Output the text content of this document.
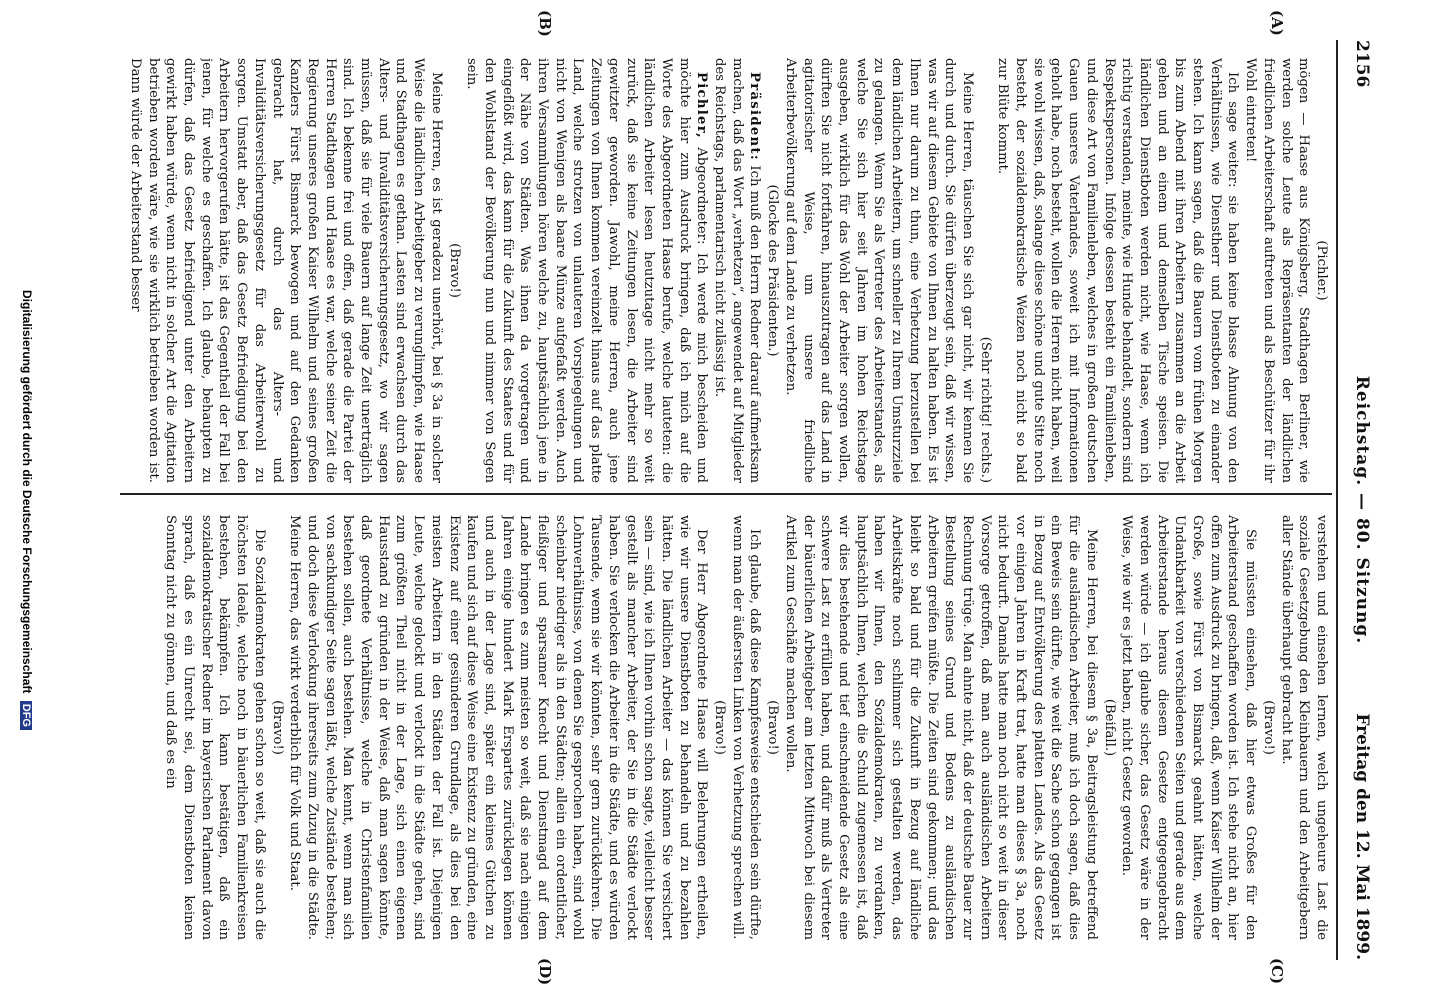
2156
Reichstag. — 80. Sitzung.
Freitag den 12. Mai 1899.
(A)
(B)
(C)
(D)

(Pichler.)

mögen — Haase aus Königsberg, Stadthagen Berliner, wie werden solche Leute als Repräsentanten der ländlichen friedlichen Arbeiterschaft auftreten und als Beschützer für ihr Wohl eintreten!

Ich sage weiter: sie haben keine blasse Ahnung von den Verhältnissen, wie Dienstherr und Dienstboten zu einander stehen. Ich kann sagen, daß die Bauern vom frühen Morgen bis zum Abend mit ihren Arbeitern zusammen an die Arbeit gehen und an einem und demselben Tische speisen. Die ländlichen Dienstboten werden nicht, wie Haase, wenn ich richtig verstanden, meinte, wie Hunde behandelt, sondern sind Respektspersonen. Infolge dessen besteht ein Familienleben, und diese Art von Familienleben, welches in großen deutschen Gauen unseres Vaterlandes, soweit ich mit Informationen geholt habe, noch besteht, wollen die Herren nicht haben, weil sie wohl wissen, daß, solange diese schöne und gute Sitte noch besteht, der sozialdemokratische Weizen noch nicht so bald zur Blüte kommt.

(Sehr richtig! rechts.)

Meine Herren, täuschen Sie sich gar nicht, wir kennen Sie durch und durch. Sie dürfen überzeugt sein, daß wir wissen, was wir auf diesem Gebiete von Ihnen zu halten haben. Es ist Ihnen nur darum zu thun, eine Verhetzung herzustellen bei dem ländlichen Arbeitern, um schneller zu Ihrem Umsturzziele zu gelangen. Wenn Sie als Vertreter des Arbeiterstandes, als welche Sie sich hier seit Jahren im hohen Reichstage ausgeben, wirklich für das Wohl der Arbeiter sorgen wollen, dürften Sie nicht fortfahren, hinauszutragen auf das Land in agitatorischer Weise, um unsere friedliche Arbeiterbevölkerung auf dem Lande zu verhetzen.

(Glocke des Präsidenten.)

Präsident: Ich muß den Herrn Redner darauf aufmerksam machen, daß das Wort „verhetzen“, angewendet auf Mitglieder des Reichstags, parlamentarisch nicht zulässig ist.

Pichler, Abgeordneter: Ich werde mich bescheiden und möchte hier zum Ausdruck bringen, daß ich mich auf die Worte des Abgeordneten Haase berufe, welche lauteten: die ländlichen Arbeiter lesen heutzutage nicht mehr so weit zurück, daß sie keine Zeitungen lesen, die Arbeiter sind gewitzter geworden. Jawohl, meine Herren, auch jene Zeitungen von Ihnen kommen vereinzelt hinaus auf das platte Land, welche strotzen von unlauteren Vorspiegelungen und nicht von Wenigen als baare Münze aufgefaßt werden. Auch ihren Versammlungen hören welche zu, hauptsächlich jene in der Nähe von Städten. Was ihnen da vorgetragen und eingeflößt wird, das kann für die Zukunft des Staates und für den Wohlstand der Bevölkerung nun und nimmer von Segen sein.

(Bravo!)

Meine Herren, es ist geradezu unerhört, bei § 3a in solcher Weise die ländlichen Arbeitgeber zu verunglimpfen, wie Haase und Stadthagen es gethan. Lasten sind erwachsen durch das Alters- und Invaliditätsversicherungsgesetz, wo wir sagen müssen, daß sie für viele Bauern auf lange Zeit unerträglich sind. Ich bekenne frei und offen, daß gerade die Partei der Herren Stadthagen und Haase es war, welche seiner Zeit die Regierung unseres großen Kaiser Wilhelm und seines großen Kanzlers Fürst Bismarck bewogen und auf den Gedanken gebracht hat, durch das Alters- und Invaliditätsversicherungsgesetz für das Arbeiterwohl zu sorgen. Umstatt aber, daß das Gesetz Befriedigung bei den Arbeitern hervorgerufen hätte, ist das Gegentheil der Fall bei jenen, für welche es geschaffen. Ich glaube, behaupten zu dürfen, daß das Gesetz befriedigend unter den Arbeitern gewirkt haben würde, wenn nicht in solcher Art die Agitation betrieben worden wäre, wie sie wirklich betrieben worden ist. Dann würde der Arbeiterstand besser

verstehen und einsehen lernen, welch ungeheure Last die soziale Gesetzgebung den Kleinbauern und den Arbeitgebern aller Stände überhaupt gebracht hat.

(Bravo!)

Sie müssten einsehen, daß hier etwas Großes für den Arbeiterstand geschaffen worden ist. Ich stehe nicht an, hier offen zum Ausdruck zu bringen, daß, wenn Kaiser Wilhelm der Große, sowie Fürst von Bismarck geahnt hätten, welche Undankbarkeit von verschiedenen Seiten und gerade aus dem Arbeiterstande heraus diesem Gesetze entgegengebracht werden würde — ich glaube sicher, das Gesetz wäre in der Weise, wie wir es jetzt haben, nicht Gesetz geworden.

(Beifall.)

Meine Herren, bei diesem § 3a, Beitragsleistung betreffend für die ausländischen Arbeiter, muß ich doch sagen, daß dies ein Beweis sein dürfte, wie weit die Sache schon gegangen ist in Bezug auf Entvölkerung des platten Landes. Als das Gesetz vor einigen Jahren in Kraft trat, hatte man dieses § 3a, noch nicht bedurft. Damals hatte man noch nicht so weit in dieser Vorsorge getroffen, daß man auch ausländischen Arbeitern Rechnung trüge. Man ahnte nicht, daß der deutsche Bauer zur Bestellung seines Grund und Bodens zu ausländischen Arbeitern greifen müßte. Die Zeiten sind gekommen; und das bleibt so bald und für die Zukunft in Bezug auf ländliche Arbeitskräfte noch schlimmer sich gestalten werden, das haben wir Ihnen, den Sozialdemokraten, zu verdanken, hauptsächlich Ihnen, welchen die Schuld zugemessen ist, daß wir dies bestehende und tief einschneidende Gesetz als eine schwere Last zu erfüllen haben, und dafür muß als Vertreter der bäuerlichen Arbeitgeber am letzten Mittwoch bei diesem Artikel zum Geschäfte machen wollen.

(Bravo!)

Ich glaube, daß diese Kampfesweise entschieden sein dürfte, wenn man der äußersten Linken von Verhetzung sprechen will.

(Bravo!)

Der Herr Abgeordnete Haase will Belehrungen ertheilen, wie wir unsere Dienstboten zu behandeln und zu bezahlen hätten. Die ländlichen Arbeiter — das können Sie versichert sein — sind, wie ich Ihnen vorhin schon sagte, vielleicht besser gestellt als mancher Arbeiter, der Sie in die Städte verlockt haben. Sie verlocken die Arbeiter in die Städte, und es würden Tausende, wenn sie wir könnten, sehr gern zurückkehren. Die Lohnverhältnisse, von denen Sie gesprochen haben, sind wohl scheinbar niedriger als in den Städten; allein ein ordentlicher, fleißiger und sparsamer Knecht und Dienstmagd auf dem Lande bringen es zum meisten so weit, daß sie nach einigen Jahren einige hundert Mark Erspartes zurücklegen können und auch in der Lage sind, später ein kleines Gütchen zu kaufen und sich auf diese Weise eine Existenz zu gründen, eine Existenz auf einer gesünderen Grundlage, als dies bei den meisten Arbeitern in den Städten der Fall ist. Diejenigen Leute, welche gelockt und verlockt in die Städte gehen, sind zum größten Theil nicht in der Lage, sich einen eigenen Hausstand zu gründen in der Weise, daß man sagen könnte, daß geordnete Verhältnisse, welche in Christenfamilien bestehen sollen, auch bestehen. Man kennt, wenn man sich von sachkundiger Seite sagen läßt, welche Zustände bestehen; und doch diese Verlockung ihrerseits zum Zuzug in die Städte. Meine Herren, das wirkt verderblich für Volk und Staat.

(Bravo!)

Die Sozialdemokraten gehen schon so weit, daß sie auch die höchsten Ideale, welche noch in bäuerlichen Familienkreisen bestehen, bekämpfen. Ich kann bestätigen, daß ein sozialdemokratischer Redner im bayerischen Parlament davon sprach, daß es ein Unrecht sei, dem Dienstboten keinen Sonntag nicht zu gönnen, und daß es ein

Digitalisierung gefördert durch die Deutsche Forschungsgemeinschaft DFG
